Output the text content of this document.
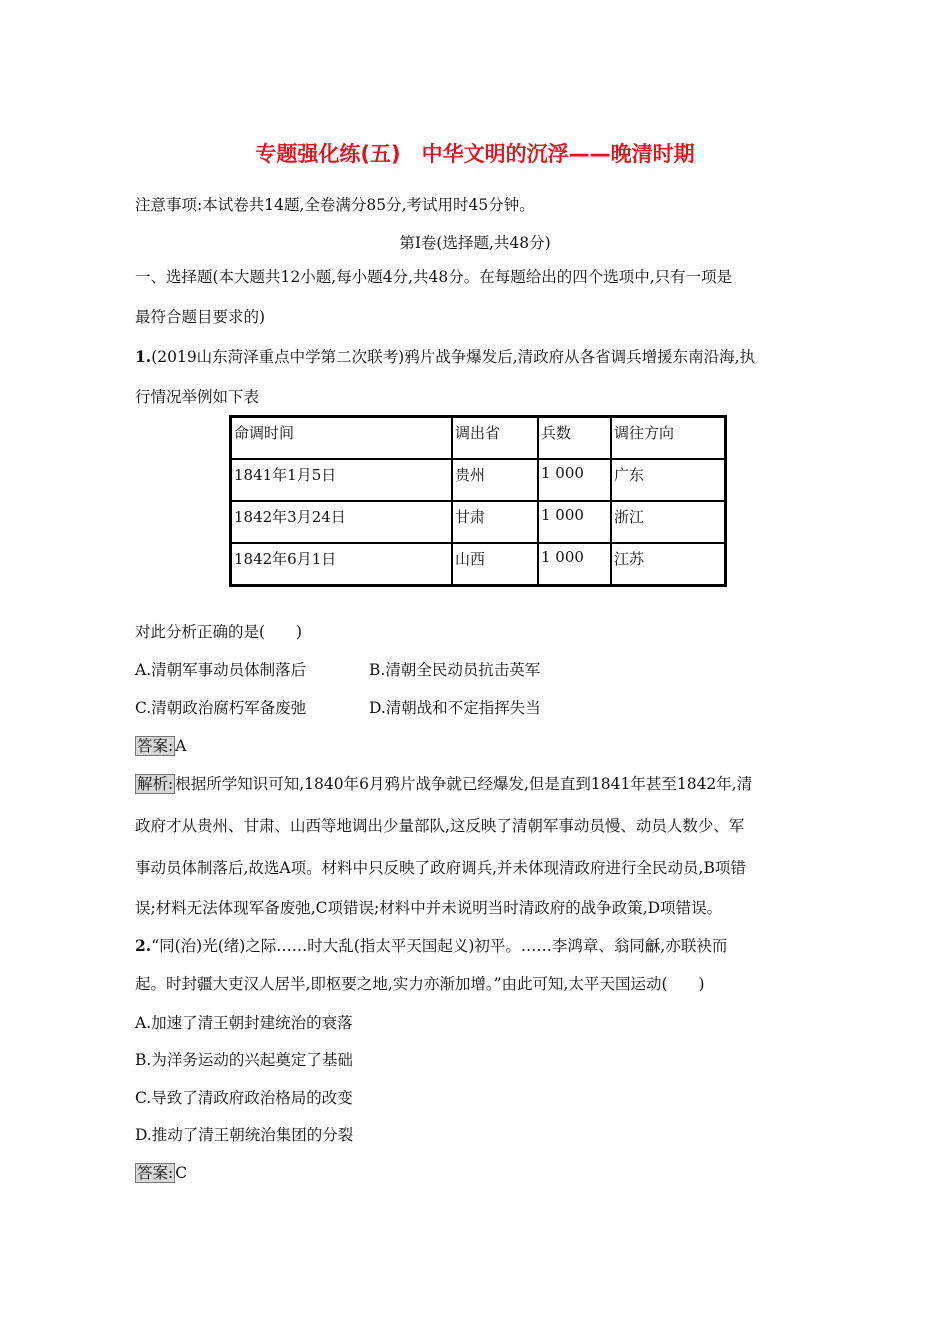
专题强化练(五)　中华文明的沉浮——晚清时期
注意事项:本试卷共14题,全卷满分85分,考试用时45分钟。
第Ⅰ卷(选择题,共48分)
一、选择题(本大题共12小题,每小题4分,共48分。在每题给出的四个选项中,只有一项是
最符合题目要求的)
1.(2019山东菏泽重点中学第二次联考)鸦片战争爆发后,清政府从各省调兵增援东南沿海,执
行情况举例如下表
命调时间	调出省	兵数	调往方向
1841年1月5日	贵州	1 000	广东
1842年3月24日	甘肃	1 000	浙江
1842年6月1日	山西	1 000	江苏
对此分析正确的是(　　)
A.清朝军事动员体制落后	B.清朝全民动员抗击英军
C.清朝政治腐朽军备废弛	D.清朝战和不定指挥失当
答案: A
解析: 根据所学知识可知,1840年6月鸦片战争就已经爆发,但是直到1841年甚至1842年,清
政府才从贵州、甘肃、山西等地调出少量部队,这反映了清朝军事动员慢、动员人数少、军
事动员体制落后,故选A项。材料中只反映了政府调兵,并未体现清政府进行全民动员,B项错
误;材料无法体现军备废弛,C项错误;材料中并未说明当时清政府的战争政策,D项错误。
2.“同(治)光(绪)之际……时大乱(指太平天国起义)初平。……李鸿章、翁同龢,亦联袂而
起。时封疆大吏汉人居半,即枢要之地,实力亦渐加增。”由此可知,太平天国运动(　　)
A.加速了清王朝封建统治的衰落
B.为洋务运动的兴起奠定了基础
C.导致了清政府政治格局的改变
D.推动了清王朝统治集团的分裂
答案: C
